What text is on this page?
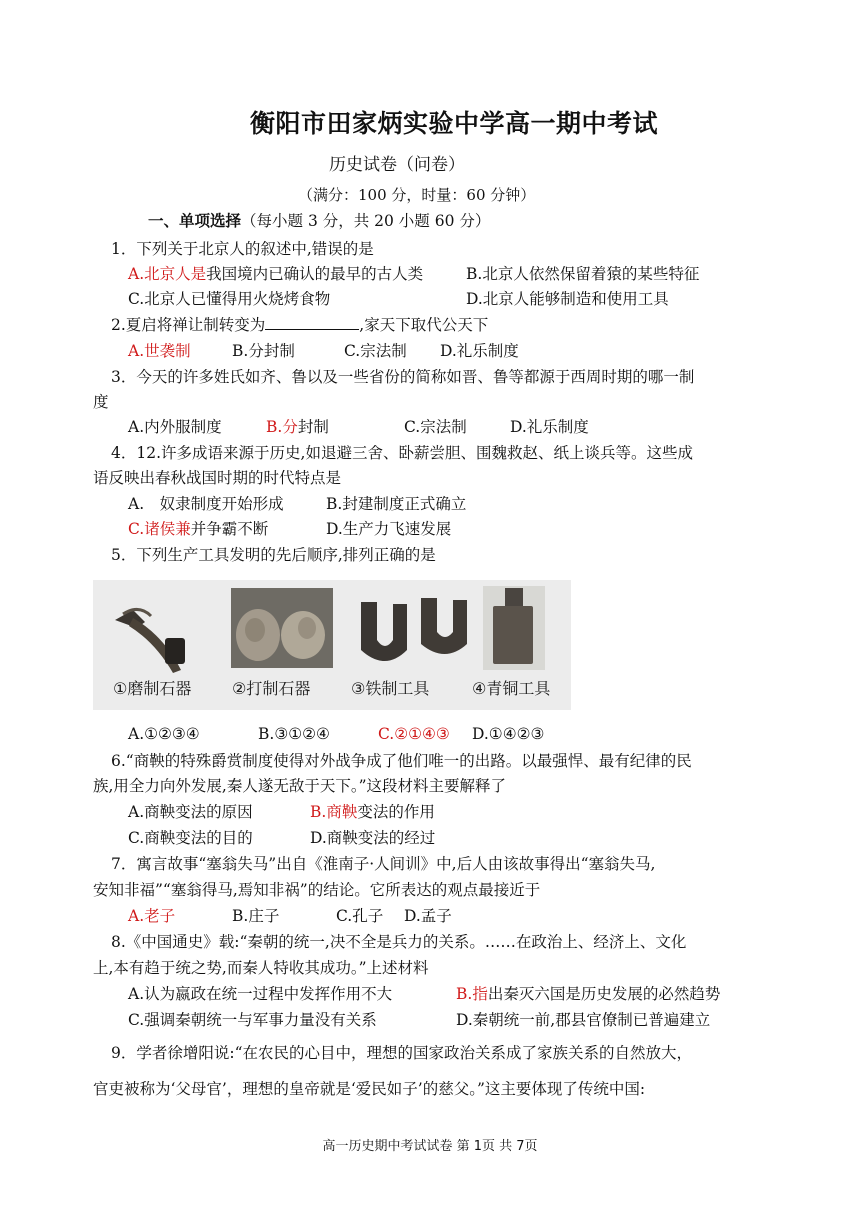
衡阳市田家炳实验中学高一期中考试
历史试卷（问卷）
（满分：100 分，时量：60 分钟）
一、单项选择（每小题 3 分，共 20 小题 60 分）
1．下列关于北京人的叙述中,错误的是
A.北京人是我国境内已确认的最早的古人类	B.北京人依然保留着猿的某些特征
C.北京人已懂得用火烧烤食物	D.北京人能够制造和使用工具
2.夏启将禅让制转变为	,家天下取代公天下
A.世袭制	B.分封制	C.宗法制 D.礼乐制度
3．今天的许多姓氏如齐、鲁以及一些省份的简称如晋、鲁等都源于西周时期的哪一制
度
A.内外服制度	B.分封制	C.宗法制	D.礼乐制度
4．12.许多成语来源于历史,如退避三舍、卧薪尝胆、围魏救赵、纸上谈兵等。这些成
语反映出春秋战国时期的时代特点是
A.　奴隶制度开始形成	B.封建制度正式确立
C.诸侯兼并争霸不断	D.生产力飞速发展
5．下列生产工具发明的先后顺序,排列正确的是
①磨制石器	②打制石器	③铁制工具	④青铜工具
A.①②③④	B.③①②④	C.②①④③ D.①④②③
6.“商鞅的特殊爵赏制度使得对外战争成了他们唯一的出路。以最强悍、最有纪律的民
族,用全力向外发展,秦人遂无敌于天下。”这段材料主要解释了
A.商鞅变法的原因	B.商鞅变法的作用
C.商鞅变法的目的	D.商鞅变法的经过
7．寓言故事“塞翁失马”出自《淮南子·人间训》中,后人由该故事得出“塞翁失马,
安知非福”“塞翁得马,焉知非祸”的结论。它所表达的观点最接近于
A.老子	B.庄子	C.孔子 D.孟子
8.《中国通史》载:“秦朝的统一,决不全是兵力的关系。……在政治上、经济上、文化
上,本有趋于统之势,而秦人特收其成功。”上述材料
A.认为嬴政在统一过程中发挥作用不大	B.指出秦灭六国是历史发展的必然趋势
C.强调秦朝统一与军事力量没有关系	D.秦朝统一前,郡县官僚制已普遍建立
9．学者徐增阳说:“在农民的心目中，理想的国家政治关系成了家族关系的自然放大，
官吏被称为‘父母官’，理想的皇帝就是‘爱民如子’的慈父。”这主要体现了传统中国:
高一历史期中考试试卷 第 1页 共 7页
